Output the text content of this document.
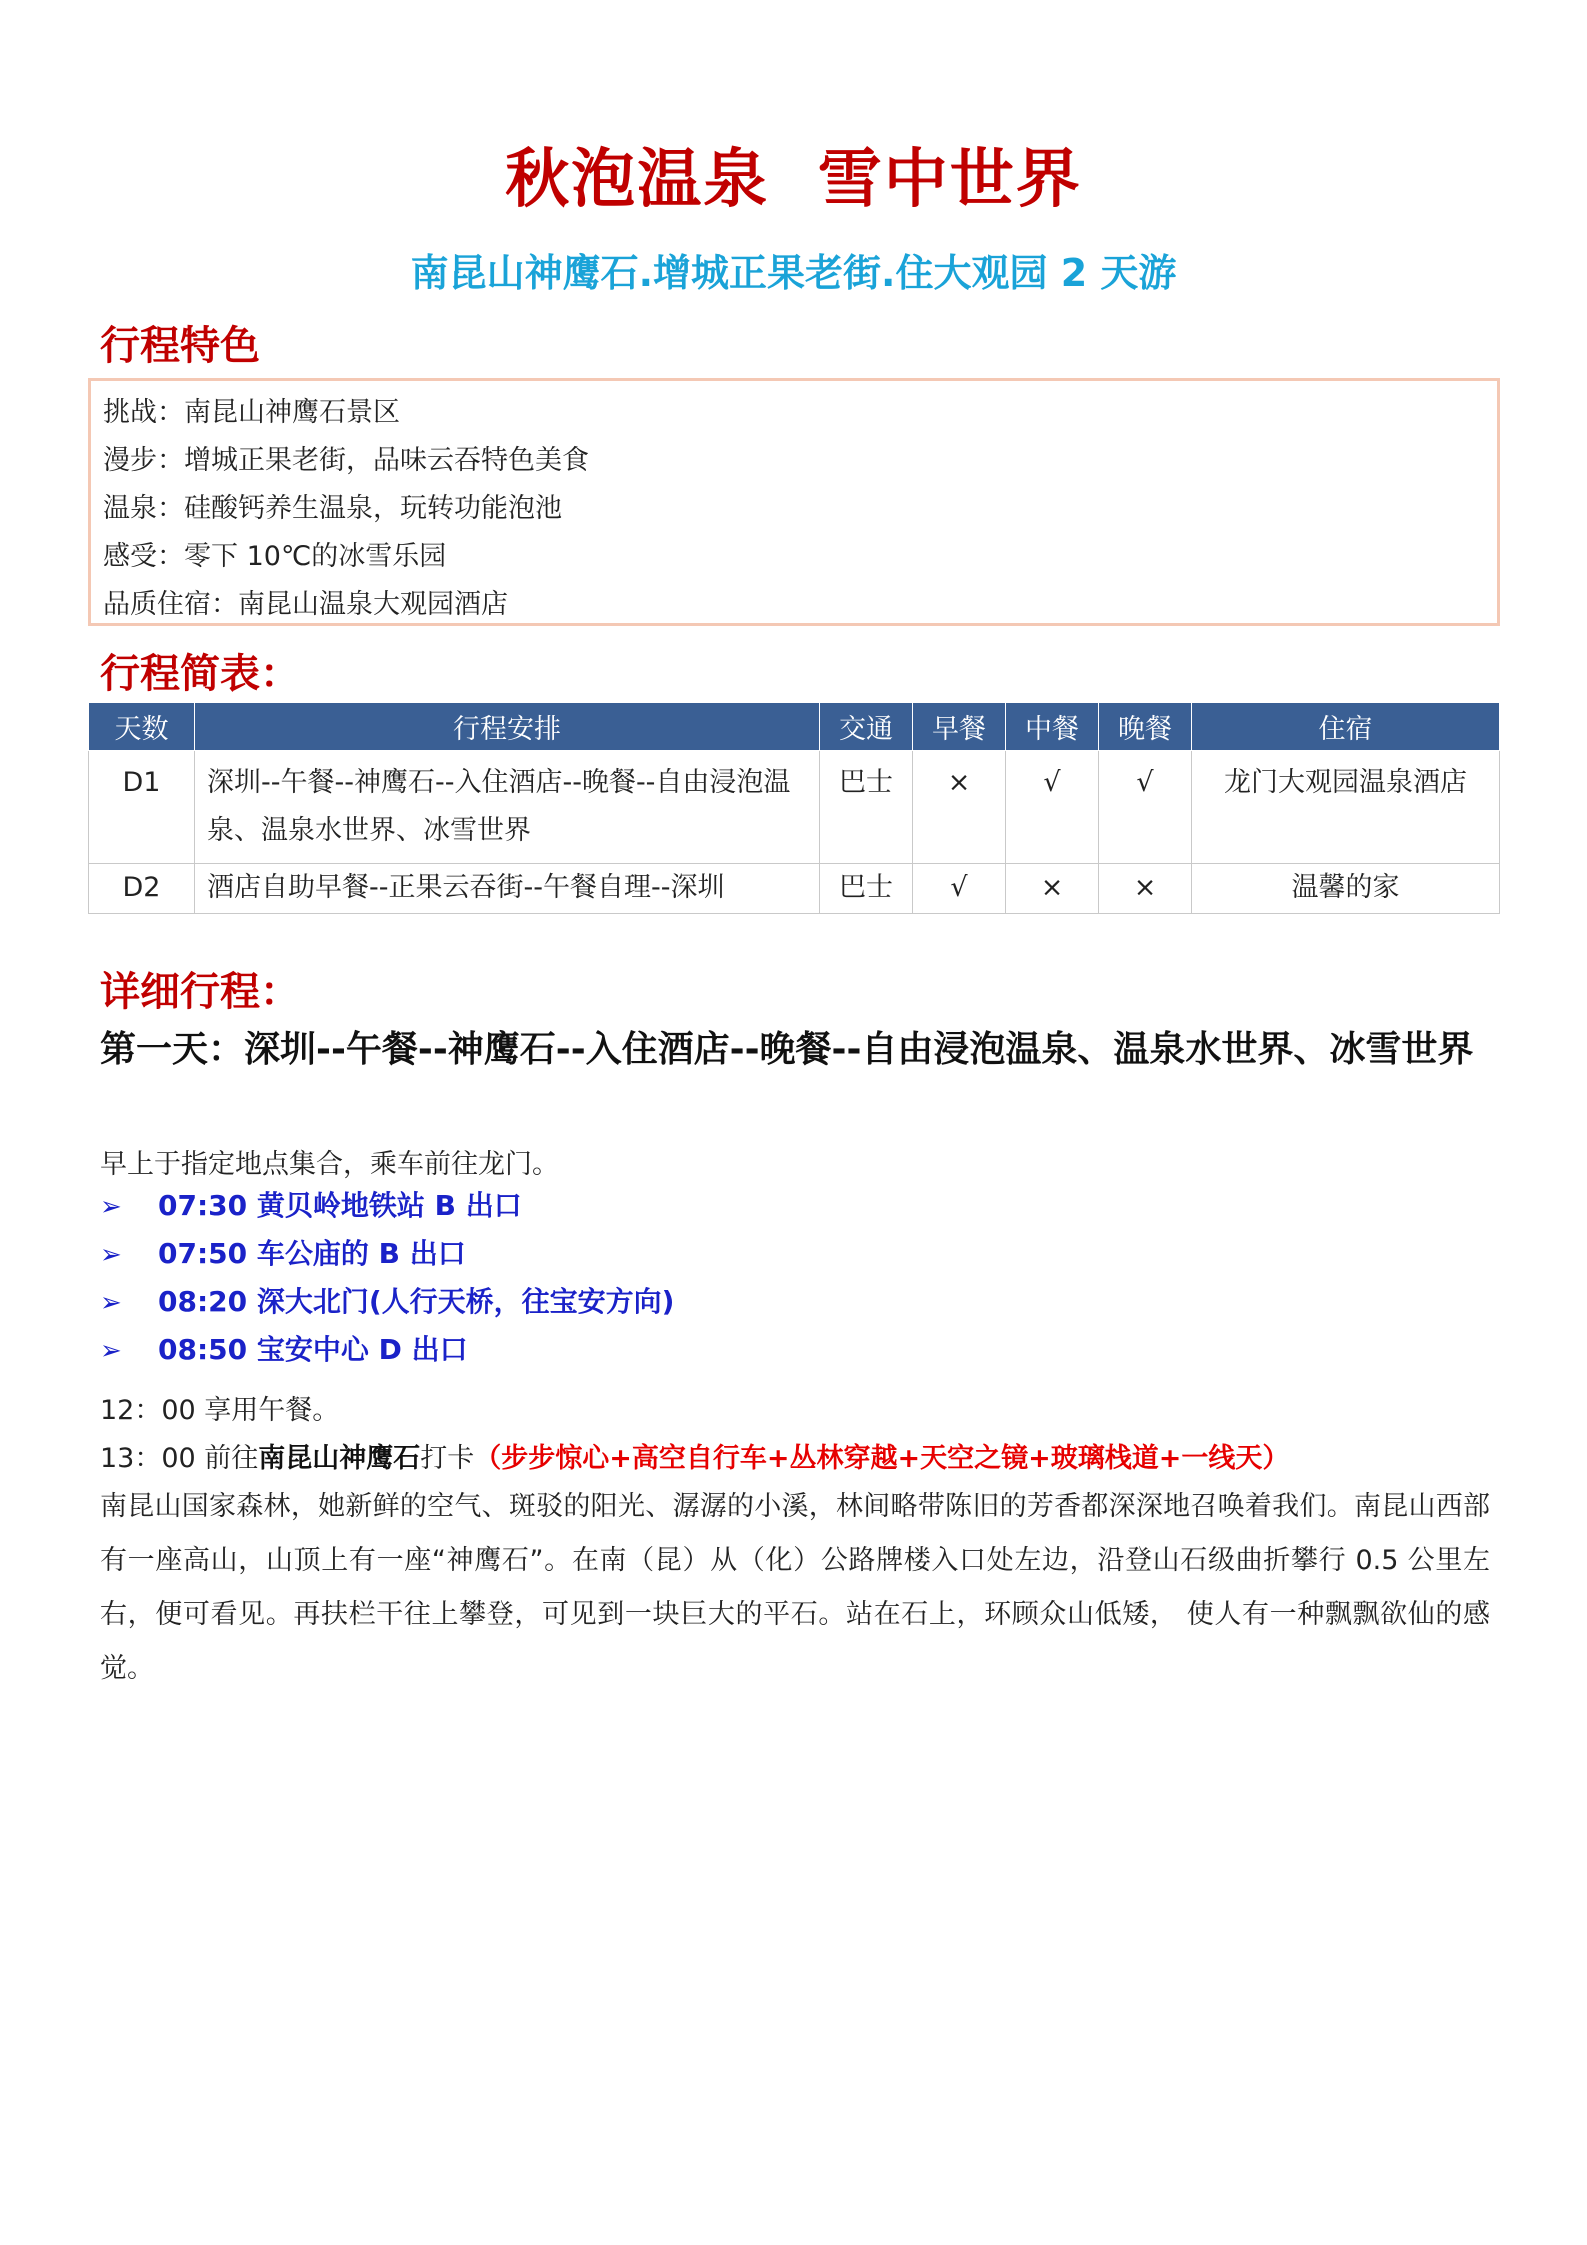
秋泡温泉  雪中世界
南昆山神鹰石.增城正果老街.住大观园 2 天游
行程特色
挑战：南昆山神鹰石景区
漫步：增城正果老街，品味云吞特色美食
温泉：硅酸钙养生温泉，玩转功能泡池
感受：零下 10℃的冰雪乐园
品质住宿：南昆山温泉大观园酒店
行程简表：
天数	行程安排	交通	早餐	中餐	晚餐	住宿
D1	深圳--午餐--神鹰石--入住酒店--晚餐--自由浸泡温泉、温泉水世界、冰雪世界	巴士	×	√	√	龙门大观园温泉酒店
D2	酒店自助早餐--正果云吞街--午餐自理--深圳	巴士	√	×	×	温馨的家
详细行程：
第一天：深圳--午餐--神鹰石--入住酒店--晚餐--自由浸泡温泉、温泉水世界、冰雪世界
早上于指定地点集合，乘车前往龙门。
➢ 07:30 黄贝岭地铁站 B 出口
➢ 07:50 车公庙的 B 出口
➢ 08:20 深大北门(人行天桥，往宝安方向)
➢ 08:50 宝安中心 D 出口
12：00 享用午餐。
13：00 前往南昆山神鹰石打卡（步步惊心+高空自行车+丛林穿越+天空之镜+玻璃栈道+一线天）
南昆山国家森林，她新鲜的空气、斑驳的阳光、潺潺的小溪，林间略带陈旧的芳香都深深地召唤着我们。南昆山西部有一座高山，山顶上有一座“神鹰石”。在南（昆）从（化）公路牌楼入口处左边，沿登山石级曲折攀行 0.5 公里左右，便可看见。再扶栏干往上攀登，可见到一块巨大的平石。站在石上，环顾众山低矮， 使人有一种飘飘欲仙的感觉。
